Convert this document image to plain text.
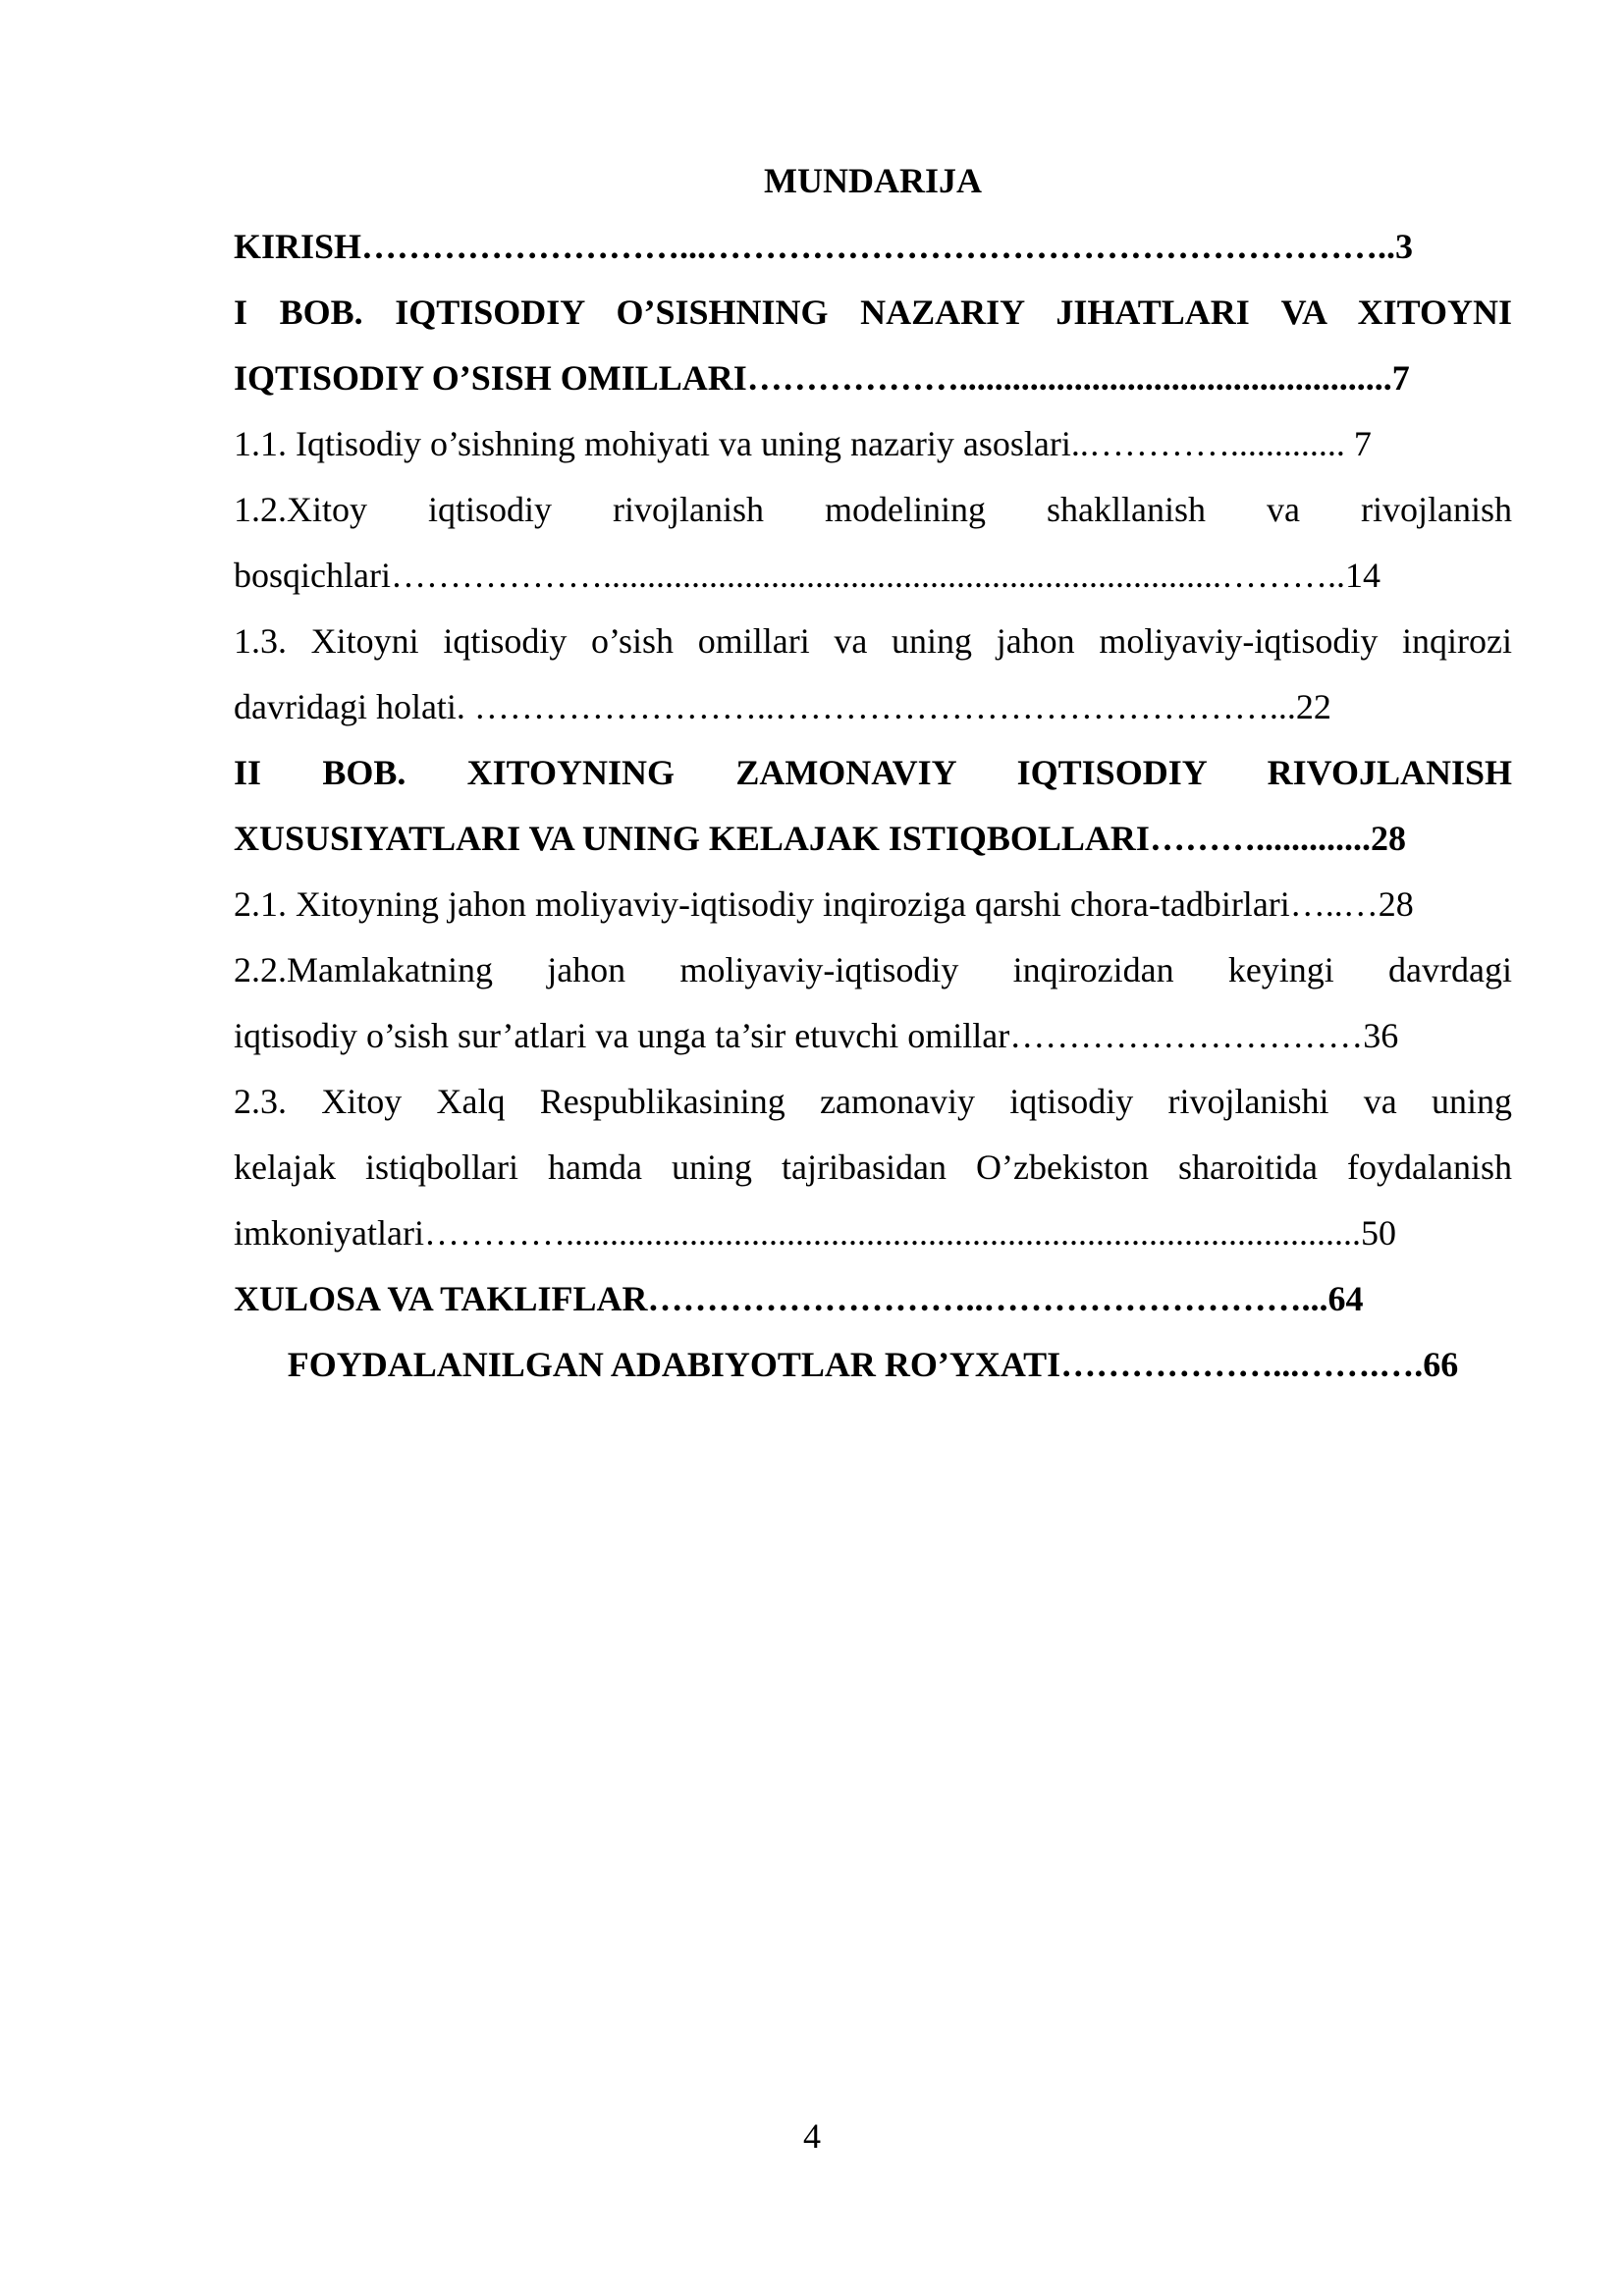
MUNDARIJA
KIRISH………………………...…………………………………………………..3
I BOB. IQTISODIY O’SISHNING NAZARIY JIHATLARI VA XITOYNI
IQTISODIY O’SISH OMILLARI……………….................................................7
1.1. Iqtisodiy o’sishning mohiyati va uning nazariy asoslari..…………............. 7
1.2.Xitoy iqtisodiy rivojlanish modelining shakllanish va rivojlanish
bosqichlari………………......................................................................………..14
1.3. Xitoyni iqtisodiy o’sish omillari va uning jahon moliyaviy-iqtisodiy inqirozi
davridagi holati. ……………………..……………………………………...22
II BOB. XITOYNING ZAMONAVIY IQTISODIY RIVOJLANISH
XUSUSIYATLARI VA UNING KELAJAK ISTIQBOLLARI……….............28
2.1. Xitoyning jahon moliyaviy-iqtisodiy inqiroziga qarshi chora-tadbirlari…..…28
2.2.Mamlakatning jahon moliyaviy-iqtisodiy inqirozidan keyingi davrdagi
iqtisodiy o’sish sur’atlari va unga ta’sir etuvchi omillar…………………………36
2.3. Xitoy Xalq Respublikasining zamonaviy iqtisodiy rivojlanishi va uning
kelajak istiqbollari hamda uning tajribasidan O’zbekiston sharoitida foydalanish
imkoniyatlari…………..........................................................................................50
XULOSA VA TAKLIFLAR………………………..………………………...64
FOYDALANILGAN ADABIYOTLAR RO’YXATI………………...…….….66
4
